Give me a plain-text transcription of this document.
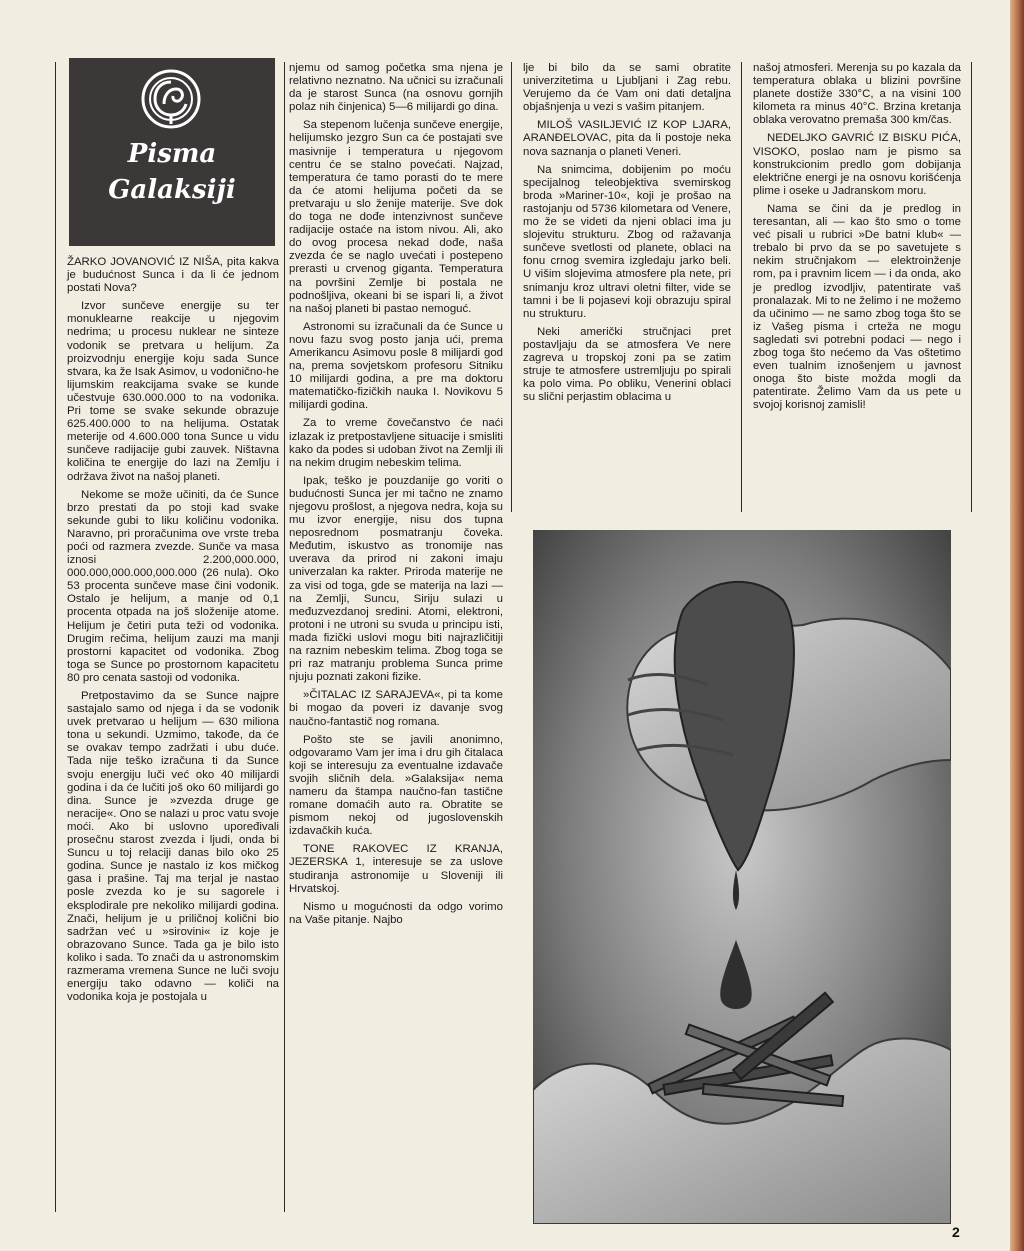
Pisma
Galaksiji

ŽARKO JOVANOVIĆ IZ NIŠA, pita kakva je budućnost Sunca i da li će jednom postati Nova?

Izvor sunčeve energije su ter monuklearne reakcije u njegovim nedrima; u procesu nuklear ne sinteze vodonik se pretvara u helijum. Za proizvodnju energije koju sada Sunce stvara, ka že Isak Asimov, u vodonično-he lijumskim reakcijama svake se kunde učestvuje 630.000.000 to na vodonika. Pri tome se svake sekunde obrazuje 625.400.000 to na helijuma. Ostatak meterije od 4.600.000 tona Sunce u vidu sunčeve radijacije gubi zauvek. Ništavna količina te energije do lazi na Zemlju i održava život na našoj planeti.

Nekome se može učiniti, da će Sunce brzo prestati da po stoji kad svake sekunde gubi to liku količinu vodonika. Naravno, pri proračunima ove vrste treba poći od razmera zvezde. Sunče va masa iznosi 2.200,000.000, 000.000,000.000,000.000 (26 nula). Oko 53 procenta sunčeve mase čini vodonik. Ostalo je helijum, a manje od 0,1 procenta otpada na još složenije atome. Helijum je četiri puta teži od vodonika. Drugim rečima, helijum zauzi ma manji prostorni kapacitet od vodonika. Zbog toga se Sunce po prostornom kapacitetu 80 pro cenata sastoji od vodonika.

Pretpostavimo da se Sunce najpre sastajalo samo od njega i da se vodonik uvek pretvarao u helijum — 630 miliona tona u sekundi. Uzmimo, takođe, da će se ovakav tempo zadržati i ubu duće. Tada nije teško izračuna ti da Sunce svoju energiju luči već oko 40 milijardi godina i da će lučiti još oko 60 milijardi go dina. Sunce je »zvezda druge ge neracije«. Ono se nalazi u proc vatu svoje moći. Ako bi uslovno upoređivali prosečnu starost zvezda i ljudi, onda bi Suncu u toj relaciji danas bilo oko 25 godina. Sunce je nastalo iz kos mičkog gasa i prašine. Taj ma terjal je nastao posle zvezda ko je su sagorele i eksplodirale pre nekoliko milijardi godina. Znači, helijum je u priličnoj količni bio sadržan već u »sirovini« iz koje je obrazovano Sunce. Tada ga je bilo isto koliko i sada. To znači da u astronomskim razmerama vremena Sunce ne luči svoju energiju tako odavno — količi na vodonika koja je postojala u

njemu od samog početka sma njena je relativno neznatno. Na učnici su izračunali da je starost Sunca (na osnovu gornjih polaz nih činjenica) 5—6 milijardi go dina.

Sa stepenom lučenja sunčeve energije, helijumsko jezgro Sun ca će postajati sve masivnije i temperatura u njegovom centru će se stalno povećati. Najzad, temperatura će tamo porasti do te mere da će atomi helijuma početi da se pretvaraju u slo ženije materije. Sve dok do toga ne dođe intenzivnost sunčeve radijacije ostaće na istom nivou. Ali, ako do ovog procesa nekad dođe, naša zvezda će se naglo uvećati i postepeno prerasti u crvenog giganta. Temperatura na površini Zemlje bi postala ne podnošljiva, okeani bi se ispari li, a život na našoj planeti bi pastao nemoguć.

Astronomi su izračunali da će Sunce u novu fazu svog posto janja ući, prema Amerikancu Asimovu posle 8 milijardi god na, prema sovjetskom profesoru Sitniku 10 milijardi godina, a pre ma doktoru matematičko-fizičkih nauka I. Novikovu 5 milijardi godina.

Za to vreme čovečanstvo će naći izlazak iz pretpostavljene situacije i smisliti kako da podes si udoban život na Zemlji ili na nekim drugim nebeskim telima.

Ipak, teško je pouzdanije go voriti o budućnosti Sunca jer mi tačno ne znamo njegovu prošlost, a njegova nedra, koja su mu izvor energije, nisu dos tupna neposrednom posmatranju čoveka. Međutim, iskustvo as tronomije nas uverava da prirod ni zakoni imaju univerzalan ka rakter. Priroda materije ne za visi od toga, gde se materija na lazi — na Zemlji, Suncu, Siriju sulazi u međuzvezdanoj sredini. Atomi, elektroni, protoni i ne utroni su svuda u principu isti, mada fizički uslovi mogu biti najrazličitiji na raznim nebeskim telima. Zbog toga se pri raz matranju problema Sunca prime njuju poznati zakoni fizike.

»ČITALAC IZ SARAJEVA«, pi ta kome bi mogao da poveri iz davanje svog naučno-fantastič nog romana.

Pošto ste se javili anonimno, odgovaramo Vam jer ima i dru gih čitalaca koji se interesuju za eventualne izdavače svojih sličnih dela. »Galaksija« nema nameru da štampa naučno-fan tastične romane domaćih auto ra. Obratite se pismom nekoj od jugoslovenskih izdavačkih kuća.

TONE RAKOVEC IZ KRANJA, JEZERSKA 1, interesuje se za uslove studiranja astronomije u Sloveniji ili Hrvatskoj.

Nismo u mogućnosti da odgo vorimo na Vaše pitanje. Najbo

lje bi bilo da se sami obratite univerzitetima u Ljubljani i Zag rebu. Verujemo da će Vam oni dati detaljna objašnjenja u vezi s vašim pitanjem.

MILOŠ VASILJEVIĆ IZ KOP LJARA, ARANĐELOVAC, pita da li postoje neka nova saznanja o planeti Veneri.

Na snimcima, dobijenim po moću specijalnog teleobjektiva svemirskog broda »Mariner-10«, koji je prošao na rastojanju od 5736 kilometara od Venere, mo že se videti da njeni oblaci ima ju slojevitu strukturu. Zbog od ražavanja sunčeve svetlosti od planete, oblaci na fonu crnog svemira izgledaju jarko beli. U višim slojevima atmosfere pla nete, pri snimanju kroz ultravi oletni filter, vide se tamni i be li pojasevi koji obrazuju spiral nu strukturu.

Neki američki stručnjaci pret postavljaju da se atmosfera Ve nere zagreva u tropskoj zoni pa se zatim struje te atmosfere ustremljuju po spirali ka polo vima. Po obliku, Venerini oblaci su slični perjastim oblacima u

našoj atmosferi. Merenja su po kazala da temperatura oblaka u blizini površine planete dostiže 330°C, a na visini 100 kilometa ra minus 40°C. Brzina kretanja oblaka verovatno premaša 300 km/čas.

NEDELJKO GAVRIĆ IZ BISKU PIĆA, VISOKO, poslao nam je pismo sa konstrukcionim predlo gom dobijanja električne energi je na osnovu korišćenja plime i oseke u Jadranskom moru.

Nama se čini da je predlog in teresantan, ali — kao što smo o tome već pisali u rubrici »De batni klub« — trebalo bi prvo da se po savetujete s nekim stručnjakom — elektroinženje rom, pa i pravnim licem — i da onda, ako je predlog izvodljiv, patentirate vaš pronalazak. Mi to ne želimo i ne možemo da učinimo — ne samo zbog toga što se iz Vašeg pisma i crteža ne mogu sagledati svi potrebni podaci — nego i zbog toga što nećemo da Vas oštetimo even tualnim iznošenjem u javnost onoga što biste možda mogli da patentirate. Želimo Vam da us pete u svojoj korisnoj zamisli!

2
